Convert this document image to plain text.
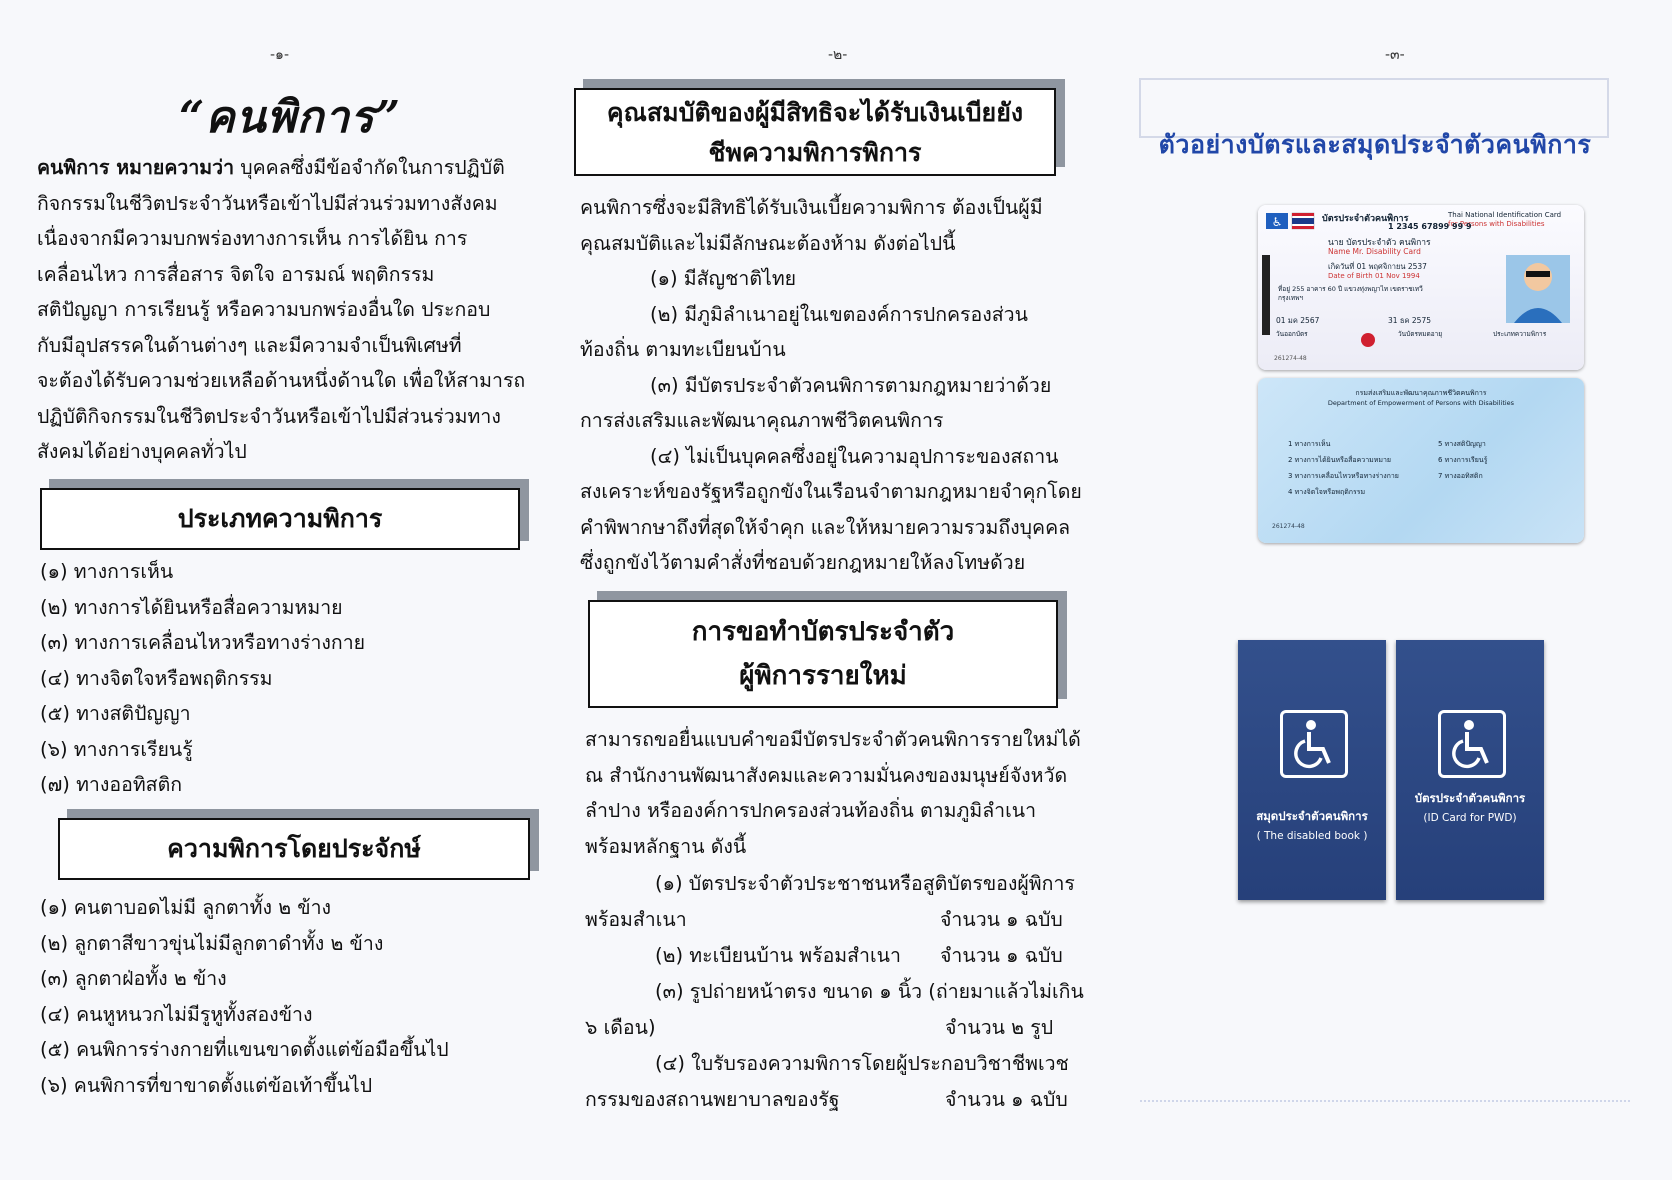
-๑-	-๒-	-๓-
“คนพิการ”

คนพิการ หมายความว่า บุคคลซึ่งมีข้อจำกัดในการปฏิบัติ
กิจกรรมในชีวิตประจำวันหรือเข้าไปมีส่วนร่วมทางสังคม
เนื่องจากมีความบกพร่องทางการเห็น การได้ยิน การ
เคลื่อนไหว การสื่อสาร จิตใจ อารมณ์ พฤติกรรม
สติปัญญา การเรียนรู้ หรือความบกพร่องอื่นใด ประกอบ
กับมีอุปสรรคในด้านต่างๆ และมีความจำเป็นพิเศษที่
จะต้องได้รับความช่วยเหลือด้านหนึ่งด้านใด เพื่อให้สามารถ
ปฏิบัติกิจกรรมในชีวิตประจำวันหรือเข้าไปมีส่วนร่วมทาง
สังคมได้อย่างบุคคลทั่วไป

ประเภทความพิการ
(๑) ทางการเห็น
(๒) ทางการได้ยินหรือสื่อความหมาย
(๓) ทางการเคลื่อนไหวหรือทางร่างกาย
(๔) ทางจิตใจหรือพฤติกรรม
(๕) ทางสติปัญญา
(๖) ทางการเรียนรู้
(๗) ทางออทิสติก
ความพิการโดยประจักษ์
(๑) คนตาบอดไม่มี ลูกตาทั้ง ๒ ข้าง
(๒) ลูกตาสีขาวขุ่นไม่มีลูกตาดำทั้ง ๒ ข้าง
(๓) ลูกตาฝ่อทั้ง ๒ ข้าง
(๔) คนหูหนวกไม่มีรูหูทั้งสองข้าง
(๕) คนพิการร่างกายที่แขนขาดตั้งแต่ข้อมือขึ้นไป
(๖) คนพิการที่ขาขาดตั้งแต่ข้อเท้าขึ้นไป
คุณสมบัติของผู้มีสิทธิจะได้รับเงินเบียยัง
ชีพความพิการพิการ

คนพิการซึ่งจะมีสิทธิได้รับเงินเบี้ยความพิการ ต้องเป็นผู้มี
คุณสมบัติและไม่มีลักษณะต้องห้าม ดังต่อไปนี้
(๑) มีสัญชาติไทย
(๒) มีภูมิลำเนาอยู่ในเขตองค์การปกครองส่วน
ท้องถิ่น ตามทะเบียนบ้าน
(๓) มีบัตรประจำตัวคนพิการตามกฎหมายว่าด้วย
การส่งเสริมและพัฒนาคุณภาพชีวิตคนพิการ
(๔) ไม่เป็นบุคคลซึ่งอยู่ในความอุปการะของสถาน
สงเคราะห์ของรัฐหรือถูกขังในเรือนจำตามกฎหมายจำคุกโดย
คำพิพากษาถึงที่สุดให้จำคุก และให้หมายความรวมถึงบุคคล
ซึ่งถูกขังไว้ตามคำสั่งที่ชอบด้วยกฎหมายให้ลงโทษด้วย

การขอทำบัตรประจำตัว
ผู้พิการรายใหม่

สามารถขอยื่นแบบคำขอมีบัตรประจำตัวคนพิการรายใหม่ได้
ณ สำนักงานพัฒนาสังคมและความมั่นคงของมนุษย์จังหวัด
ลำปาง หรือองค์การปกครองส่วนท้องถิ่น ตามภูมิลำเนา
พร้อมหลักฐาน ดังนี้

(๑) บัตรประจำตัวประชาชนหรือสูติบัตรของผู้พิการ
พร้อมสำเนา	จำนวน ๑ ฉบับ
(๒) ทะเบียนบ้าน พร้อมสำเนา จำนวน ๑ ฉบับ
(๓) รูปถ่ายหน้าตรง ขนาด ๑ นิ้ว (ถ่ายมาแล้วไม่เกิน
๖ เดือน)	จำนวน ๒ รูป
(๔) ใบรับรองความพิการโดยผู้ประกอบวิชาชีพเวช
กรรมของสถานพยาบาลของรัฐ	จำนวน ๑ ฉบับ
ตัวอย่างบัตรและสมุดประจำตัวคนพิการ
♿	บัตรประจำตัวคนพิการ	Thai National Identification Card
for Persons with Disabilities
1 2345 67899 99 9
นาย บัตรประจำตัว คนพิการ
Name Mr. Disability Card
เกิดวันที่ 01 พฤศจิกายน 2537
Date of Birth 01 Nov 1994
ที่อยู่ 255 อาคาร 60 ปี แขวงทุ่งพญาไท เขตราชเทวี กรุงเทพฯ
01 มค 2567	31 ธค 2575
วันออกบัตร	วันบัตรหมดอายุ	ประเภทความพิการ
261274-48
กรมส่งเสริมและพัฒนาคุณภาพชีวิตคนพิการ
Department of Empowerment of Persons with Disabilities
1 ทางการเห็น
2 ทางการได้ยินหรือสื่อความหมาย
3 ทางการเคลื่อนไหวหรือทางร่างกาย
4 ทางจิตใจหรือพฤติกรรม
5 ทางสติปัญญา
6 ทางการเรียนรู้
7 ทางออทิสติก
261274-48
สมุดประจำตัวคนพิการ
( The disabled book )
บัตรประจำตัวคนพิการ
(ID Card for PWD)
